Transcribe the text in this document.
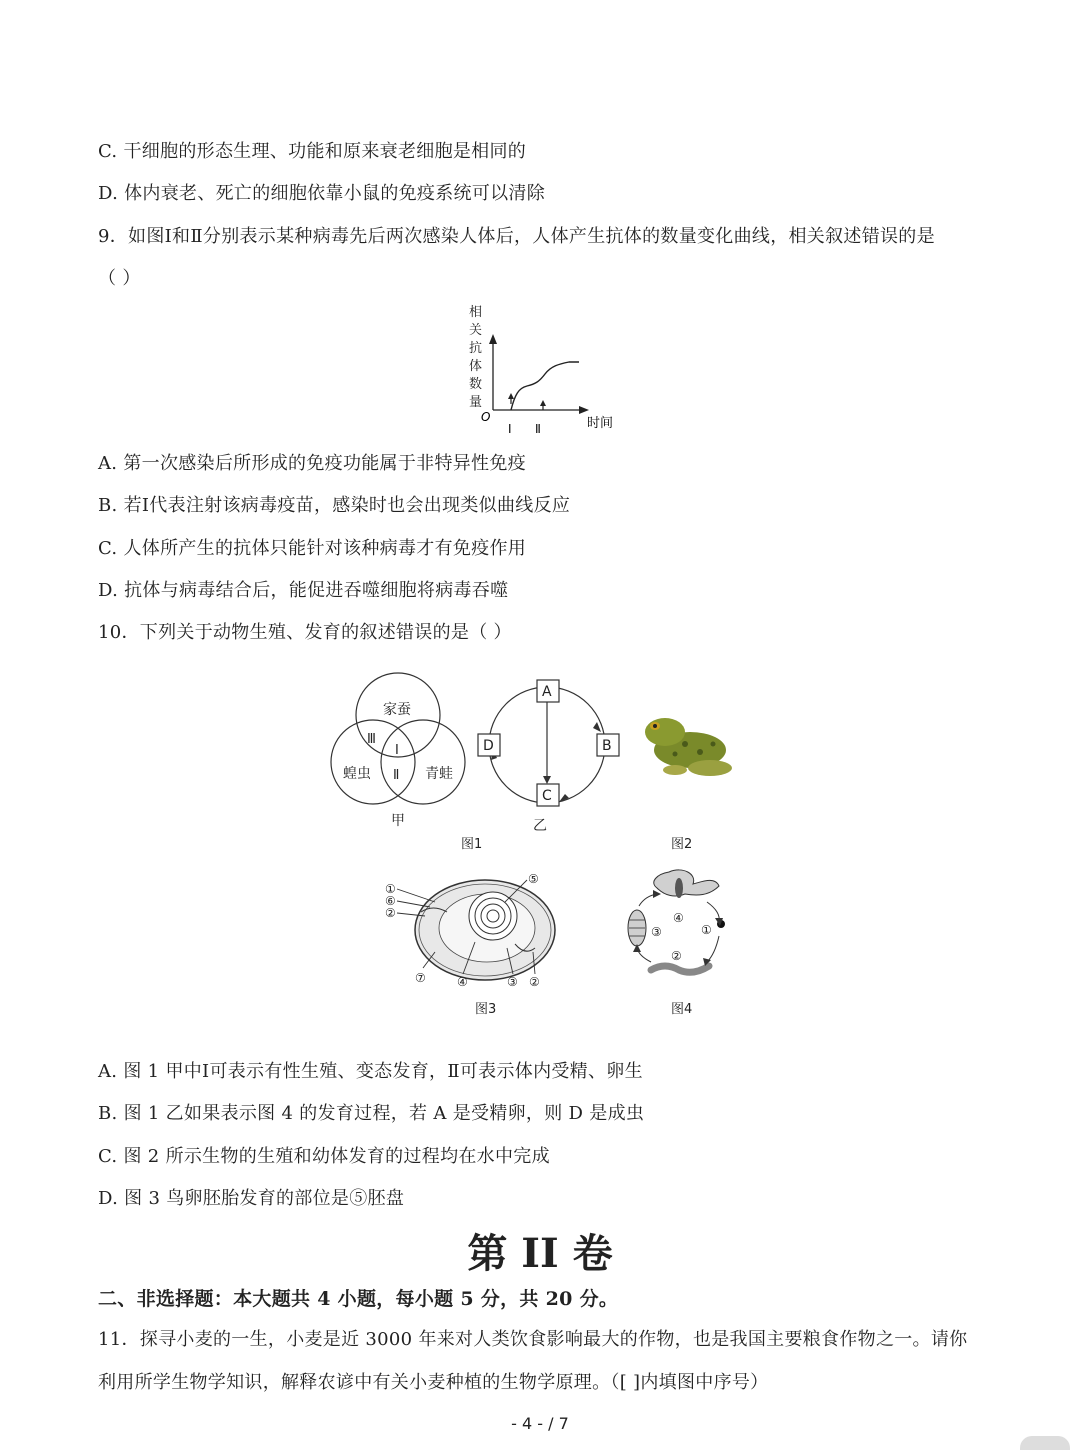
C. 干细胞的形态生理、功能和原来衰老细胞是相同的
D. 体内衰老、死亡的细胞依靠小鼠的免疫系统可以清除
9．如图Ⅰ和Ⅱ分别表示某种病毒先后两次感染人体后，人体产生抗体的数量变化曲线，相关叙述错误的是
（ ）
相
关
抗
体
数
量
O	时间
Ⅰ Ⅱ
A. 第一次感染后所形成的免疫功能属于非特异性免疫
B. 若Ⅰ代表注射该病毒疫苗，感染时也会出现类似曲线反应
C. 人体所产生的抗体只能针对该种病毒才有免疫作用
D. 抗体与病毒结合后，能促进吞噬细胞将病毒吞噬
10．下列关于动物生殖、发育的叙述错误的是（ ）
家蚕
蝗虫	青蛙
Ⅲ
Ⅰ
Ⅱ
甲
A
B
C
D
乙
图1	图2
①
⑥
②
⑤
⑦	④	③ ②
图3
①
②
③
④
图4
A. 图 1 甲中Ⅰ可表示有性生殖、变态发育，Ⅱ可表示体内受精、卵生
B. 图 1 乙如果表示图 4 的发育过程，若 A 是受精卵，则 D 是成虫
C. 图 2 所示生物的生殖和幼体发育的过程均在水中完成
D. 图 3 鸟卵胚胎发育的部位是⑤胚盘
第 II 卷
二、非选择题：本大题共 4 小题，每小题 5 分，共 20 分。
11．探寻小麦的一生，小麦是近 3000 年来对人类饮食影响最大的作物，也是我国主要粮食作物之一。请你
利用所学生物学知识，解释农谚中有关小麦种植的生物学原理。（[ ]内填图中序号）
- 4 - / 7
